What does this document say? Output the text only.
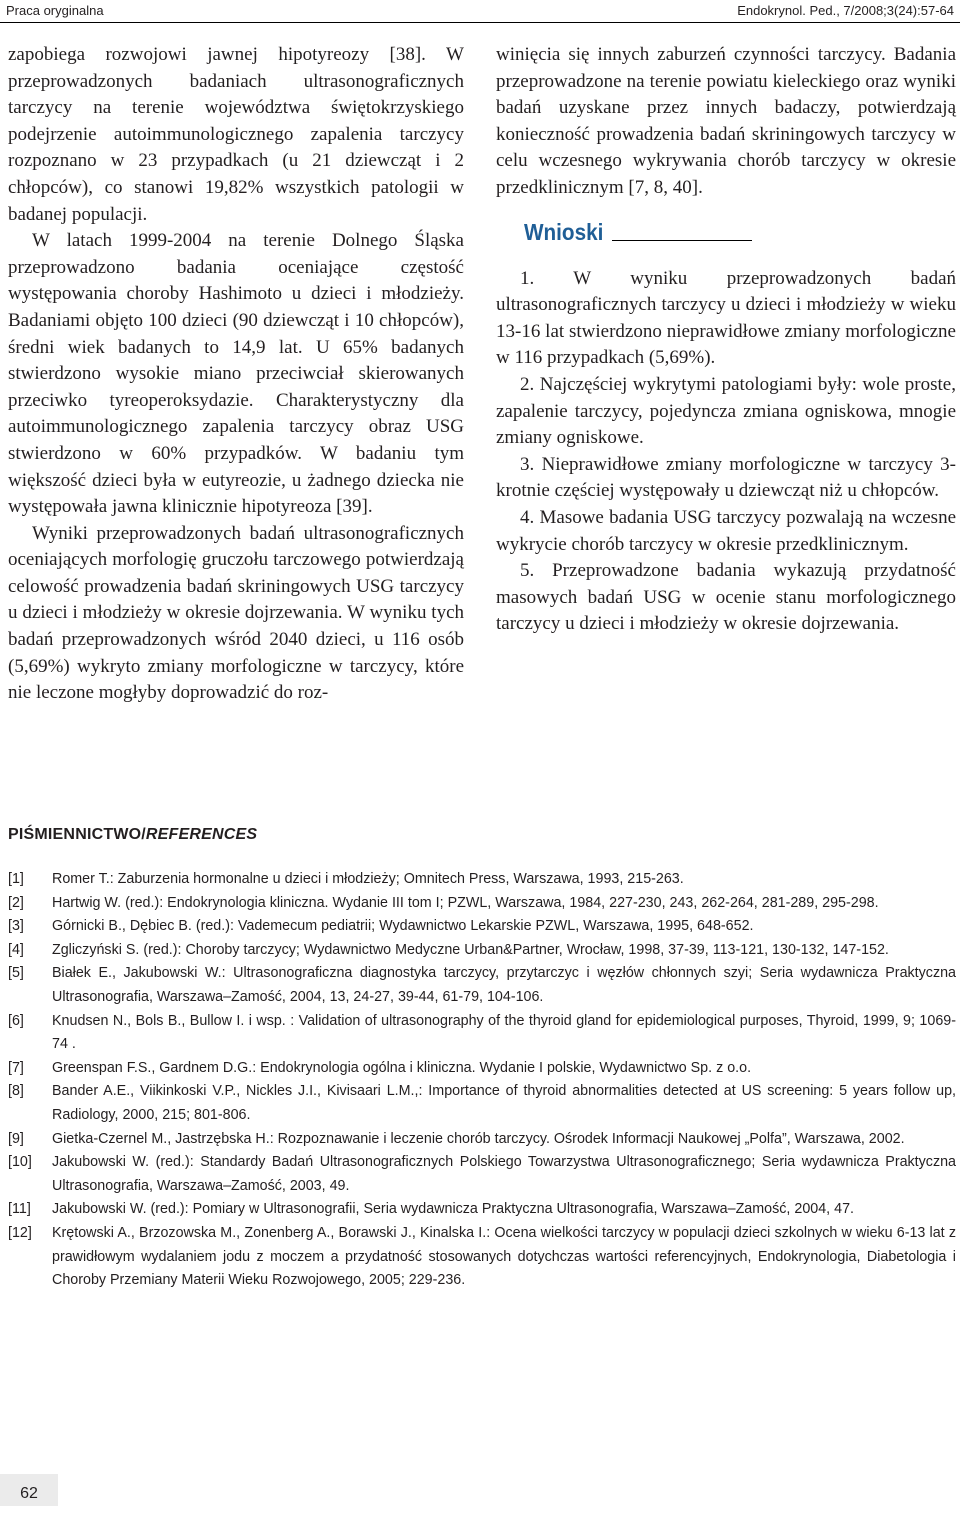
Praca oryginalna	Endokrynol. Ped., 7/2008;3(24):57-64

zapobiega rozwojowi jawnej hipotyreozy [38]. W przeprowadzonych badaniach ultrasonograficznych tarczycy na terenie województwa świętokrzyskiego podejrzenie autoimmunologicznego zapalenia tarczycy rozpoznano w 23 przypadkach (u 21 dziewcząt i 2 chłopców), co stanowi 19,82% wszystkich patologii w badanej populacji.

W latach 1999-2004 na terenie Dolnego Śląska przeprowadzono badania oceniające częstość występowania choroby Hashimoto u dzieci i młodzieży. Badaniami objęto 100 dzieci (90 dziewcząt i 10 chłopców), średni wiek badanych to 14,9 lat. U 65% badanych stwierdzono wysokie miano przeciwciał skierowanych przeciwko tyreoperoksydazie. Charakterystyczny dla autoimmunologicznego zapalenia tarczycy obraz USG stwierdzono w 60% przypadków. W badaniu tym większość dzieci była w eutyreozie, u żadnego dziecka nie występowała jawna klinicznie hipotyreoza [39].

Wyniki przeprowadzonych badań ultrasonograficznych oceniających morfologię gruczołu tarczowego potwierdzają celowość prowadzenia badań skriningowych USG tarczycy u dzieci i młodzieży w okresie dojrzewania. W wyniku tych badań przeprowadzonych wśród 2040 dzieci, u 116 osób (5,69%) wykryto zmiany morfologiczne w tarczycy, które nie leczone mogłyby doprowadzić do roz-

winięcia się innych zaburzeń czynności tarczycy. Badania przeprowadzone na terenie powiatu kieleckiego oraz wyniki badań uzyskane przez innych badaczy, potwierdzają konieczność prowadzenia badań skriningowych tarczycy w celu wczesnego wykrywania chorób tarczycy w okresie przedklinicznym [7, 8, 40].

Wnioski

1. W wyniku przeprowadzonych badań ultrasonograficznych tarczycy u dzieci i młodzieży w wieku 13-16 lat stwierdzono nieprawidłowe zmiany morfologiczne w 116 przypadkach (5,69%).

2. Najczęściej wykrytymi patologiami były: wole proste, zapalenie tarczycy, pojedyncza zmiana ogniskowa, mnogie zmiany ogniskowe.

3. Nieprawidłowe zmiany morfologiczne w tarczycy 3-krotnie częściej występowały u dziewcząt niż u chłopców.

4. Masowe badania USG tarczycy pozwalają na wczesne wykrycie chorób tarczycy w okresie przedklinicznym.

5. Przeprowadzone badania wykazują przydatność masowych badań USG w ocenie stanu morfologicznego tarczycy u dzieci i młodzieży w okresie dojrzewania.

PIŚMIENNICTWO/REFERENCES
[1]	Romer T.: Zaburzenia hormonalne u dzieci i młodzieży; Omnitech Press, Warszawa, 1993, 215-263.
[2]	Hartwig W. (red.): Endokrynologia kliniczna. Wydanie III tom I; PZWL, Warszawa, 1984, 227-230, 243, 262-264, 281-289, 295-298.
[3]	Górnicki B., Dębiec B. (red.): Vademecum pediatrii; Wydawnictwo Lekarskie PZWL, Warszawa, 1995, 648-652.
[4]	Zgliczyński S. (red.): Choroby tarczycy; Wydawnictwo Medyczne Urban&Partner, Wrocław, 1998, 37-39, 113-121, 130-132, 147-152.
[5]	Białek E., Jakubowski W.: Ultrasonograficzna diagnostyka tarczycy, przytarczyc i węzłów chłonnych szyi; Seria wydawnicza Praktyczna Ultrasonografia, Warszawa–Zamość, 2004, 13, 24-27, 39-44, 61-79, 104-106.
[6]	Knudsen N., Bols B., Bullow I. i wsp. : Validation of ultrasonography of the thyroid gland for epidemiological purposes, Thyroid, 1999, 9; 1069-74 .
[7]	Greenspan F.S., Gardnem D.G.: Endokrynologia ogólna i kliniczna. Wydanie I polskie, Wydawnictwo Sp. z o.o.
[8]	Bander A.E., Viikinkoski V.P., Nickles J.I., Kivisaari L.M.,: Importance of thyroid abnormalities detected at US screening: 5 years follow up, Radiology, 2000, 215; 801-806.
[9]	Gietka-Czernel M., Jastrzębska H.: Rozpoznawanie i leczenie chorób tarczycy. Ośrodek Informacji Naukowej „Polfa”, Warszawa, 2002.
[10]	Jakubowski W. (red.): Standardy Badań Ultrasonograficznych Polskiego Towarzystwa Ultrasonograficznego; Seria wydawnicza Praktyczna Ultrasonografia, Warszawa–Zamość, 2003, 49.
[11]	Jakubowski W. (red.): Pomiary w Ultrasonografii, Seria wydawnicza Praktyczna Ultrasonografia, Warszawa–Zamość, 2004, 47.
[12]	Krętowski A., Brzozowska M., Zonenberg A., Borawski J., Kinalska I.: Ocena wielkości tarczycy w populacji dzieci szkolnych w wieku 6-13 lat z prawidłowym wydalaniem jodu z moczem a przydatność stosowanych dotychczas wartości referencyjnych, Endokrynologia, Diabetologia i Choroby Przemiany Materii Wieku Rozwojowego, 2005; 229-236.
62
